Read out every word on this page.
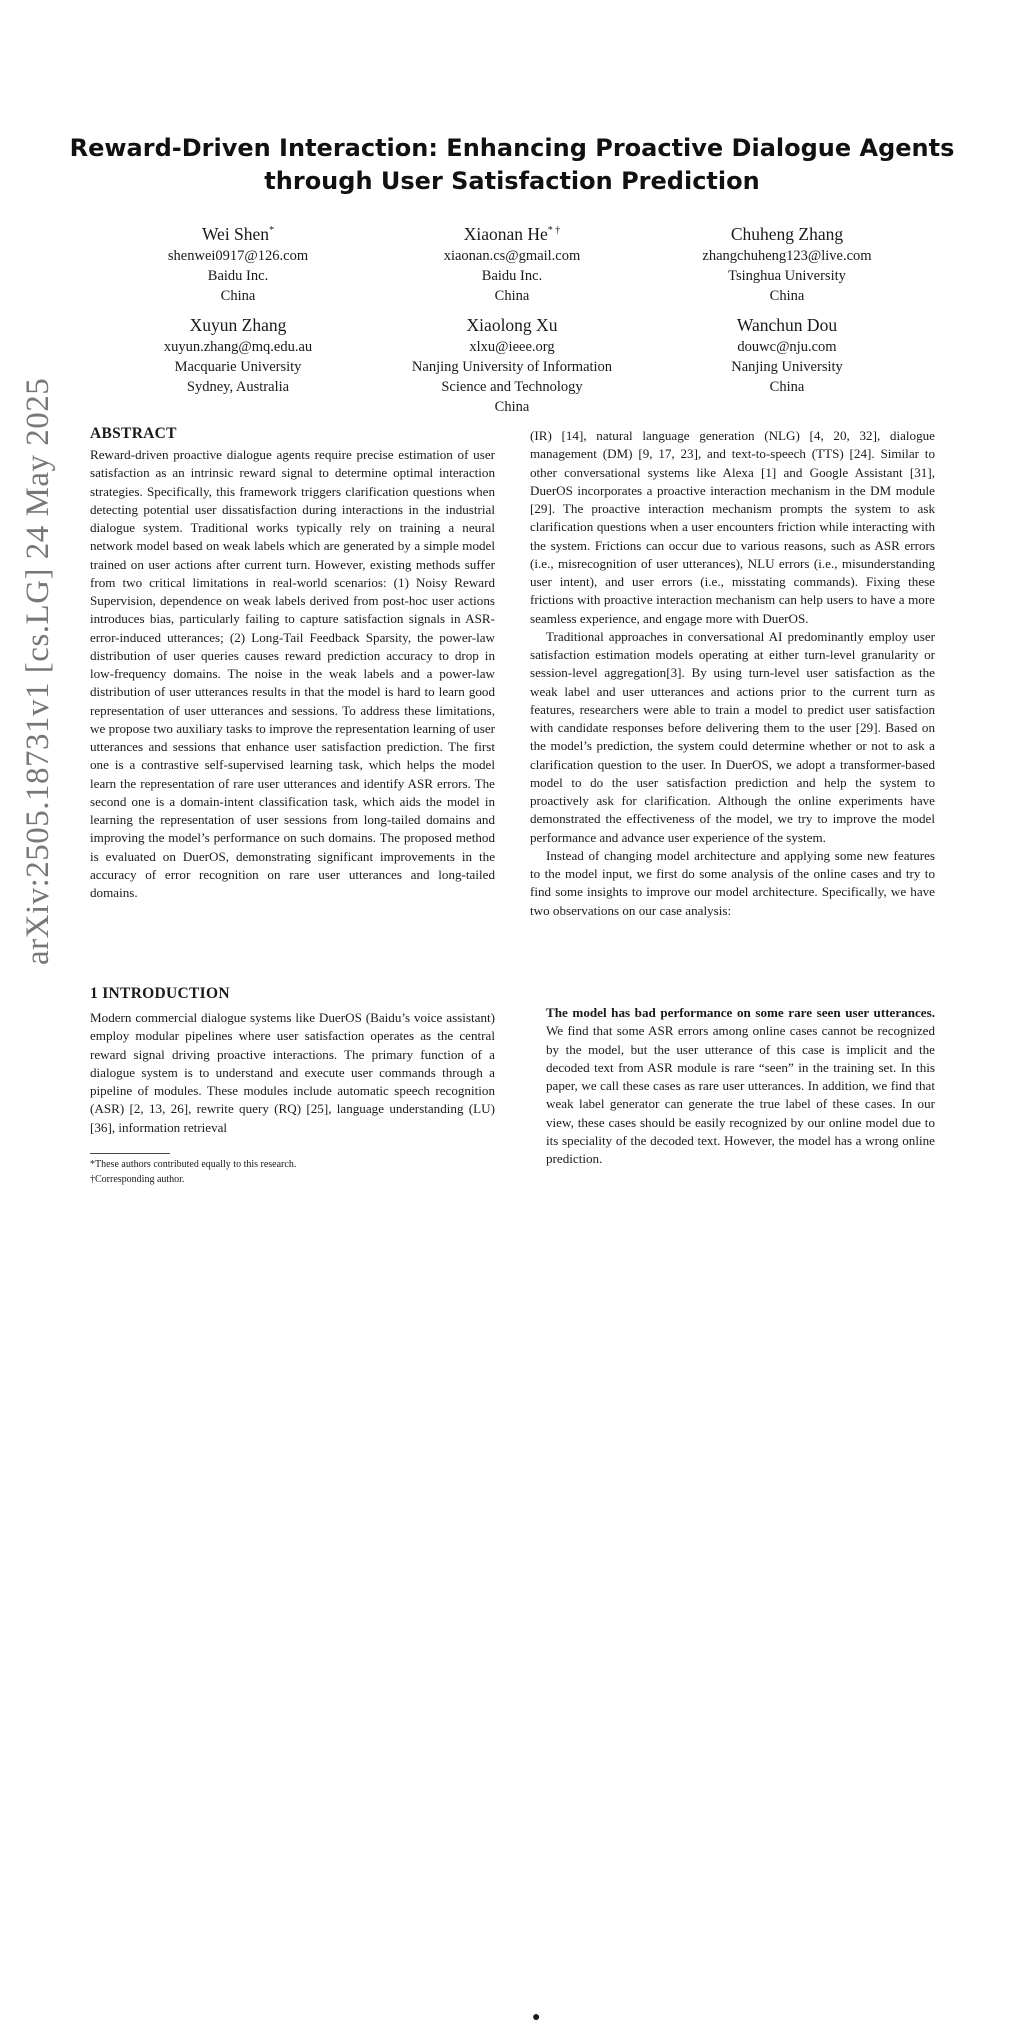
arXiv:2505.18731v1 [cs.LG] 24 May 2025
Reward-Driven Interaction: Enhancing Proactive Dialogue Agents
through User Satisfaction Prediction
Wei Shen*
shenwei0917@126.com
Baidu Inc.
China
Xiaonan He* †
xiaonan.cs@gmail.com
Baidu Inc.
China
Chuheng Zhang
zhangchuheng123@live.com
Tsinghua University
China
Xuyun Zhang
xuyun.zhang@mq.edu.au
Macquarie University
Sydney, Australia
Xiaolong Xu
xlxu@ieee.org
Nanjing University of Information
Science and Technology
China
Wanchun Dou
douwc@nju.com
Nanjing University
China
ABSTRACT

Reward-driven proactive dialogue agents require precise estimation of user satisfaction as an intrinsic reward signal to determine optimal interaction strategies. Specifically, this framework triggers clarification questions when detecting potential user dissatisfaction during interactions in the industrial dialogue system. Traditional works typically rely on training a neural network model based on weak labels which are generated by a simple model trained on user actions after current turn. However, existing methods suffer from two critical limitations in real-world scenarios: (1) Noisy Reward Supervision, dependence on weak labels derived from post-hoc user actions introduces bias, particularly failing to capture satisfaction signals in ASR-error-induced utterances; (2) Long-Tail Feedback Sparsity, the power-law distribution of user queries causes reward prediction accuracy to drop in low-frequency domains. The noise in the weak labels and a power-law distribution of user utterances results in that the model is hard to learn good representation of user utterances and sessions. To address these limitations, we propose two auxiliary tasks to improve the representation learning of user utterances and sessions that enhance user satisfaction prediction. The first one is a contrastive self-supervised learning task, which helps the model learn the representation of rare user utterances and identify ASR errors. The second one is a domain-intent classification task, which aids the model in learning the representation of user sessions from long-tailed domains and improving the model’s performance on such domains. The proposed method is evaluated on DuerOS, demonstrating significant improvements in the accuracy of error recognition on rare user utterances and long-tailed domains.

1 INTRODUCTION

Modern commercial dialogue systems like DuerOS (Baidu’s voice assistant) employ modular pipelines where user satisfaction operates as the central reward signal driving proactive interactions. The primary function of a dialogue system is to understand and execute user commands through a pipeline of modules. These modules include automatic speech recognition (ASR) [2, 13, 26], rewrite query (RQ) [25], language understanding (LU) [36], information retrieval

*These authors contributed equally to this research.
†Corresponding author.

(IR) [14], natural language generation (NLG) [4, 20, 32], dialogue management (DM) [9, 17, 23], and text-to-speech (TTS) [24]. Similar to other conversational systems like Alexa [1] and Google Assistant [31], DuerOS incorporates a proactive interaction mechanism in the DM module [29]. The proactive interaction mechanism prompts the system to ask clarification questions when a user encounters friction while interacting with the system. Frictions can occur due to various reasons, such as ASR errors (i.e., misrecognition of user utterances), NLU errors (i.e., misunderstanding user intent), and user errors (i.e., misstating commands). Fixing these frictions with proactive interaction mechanism can help users to have a more seamless experience, and engage more with DuerOS.

Traditional approaches in conversational AI predominantly employ user satisfaction estimation models operating at either turn-level granularity or session-level aggregation[3]. By using turn-level user satisfaction as the weak label and user utterances and actions prior to the current turn as features, researchers were able to train a model to predict user satisfaction with candidate responses before delivering them to the user [29]. Based on the model’s prediction, the system could determine whether or not to ask a clarification question to the user. In DuerOS, we adopt a transformer-based model to do the user satisfaction prediction and help the system to proactively ask for clarification. Although the online experiments have demonstrated the effectiveness of the model, we try to improve the model performance and advance user experience of the system.

Instead of changing model architecture and applying some new features to the model input, we first do some analysis of the online cases and try to find some insights to improve our model architecture. Specifically, we have two observations on our case analysis:

●
The model has bad performance on some rare seen user utterances. We find that some ASR errors among online cases cannot be recognized by the model, but the user utterance of this case is implicit and the decoded text from ASR module is rare “seen” in the training set. In this paper, we call these cases as rare user utterances. In addition, we find that weak label generator can generate the true label of these cases. In our view, these cases should be easily recognized by our online model due to its speciality of the decoded text. However, the model has a wrong online prediction.
